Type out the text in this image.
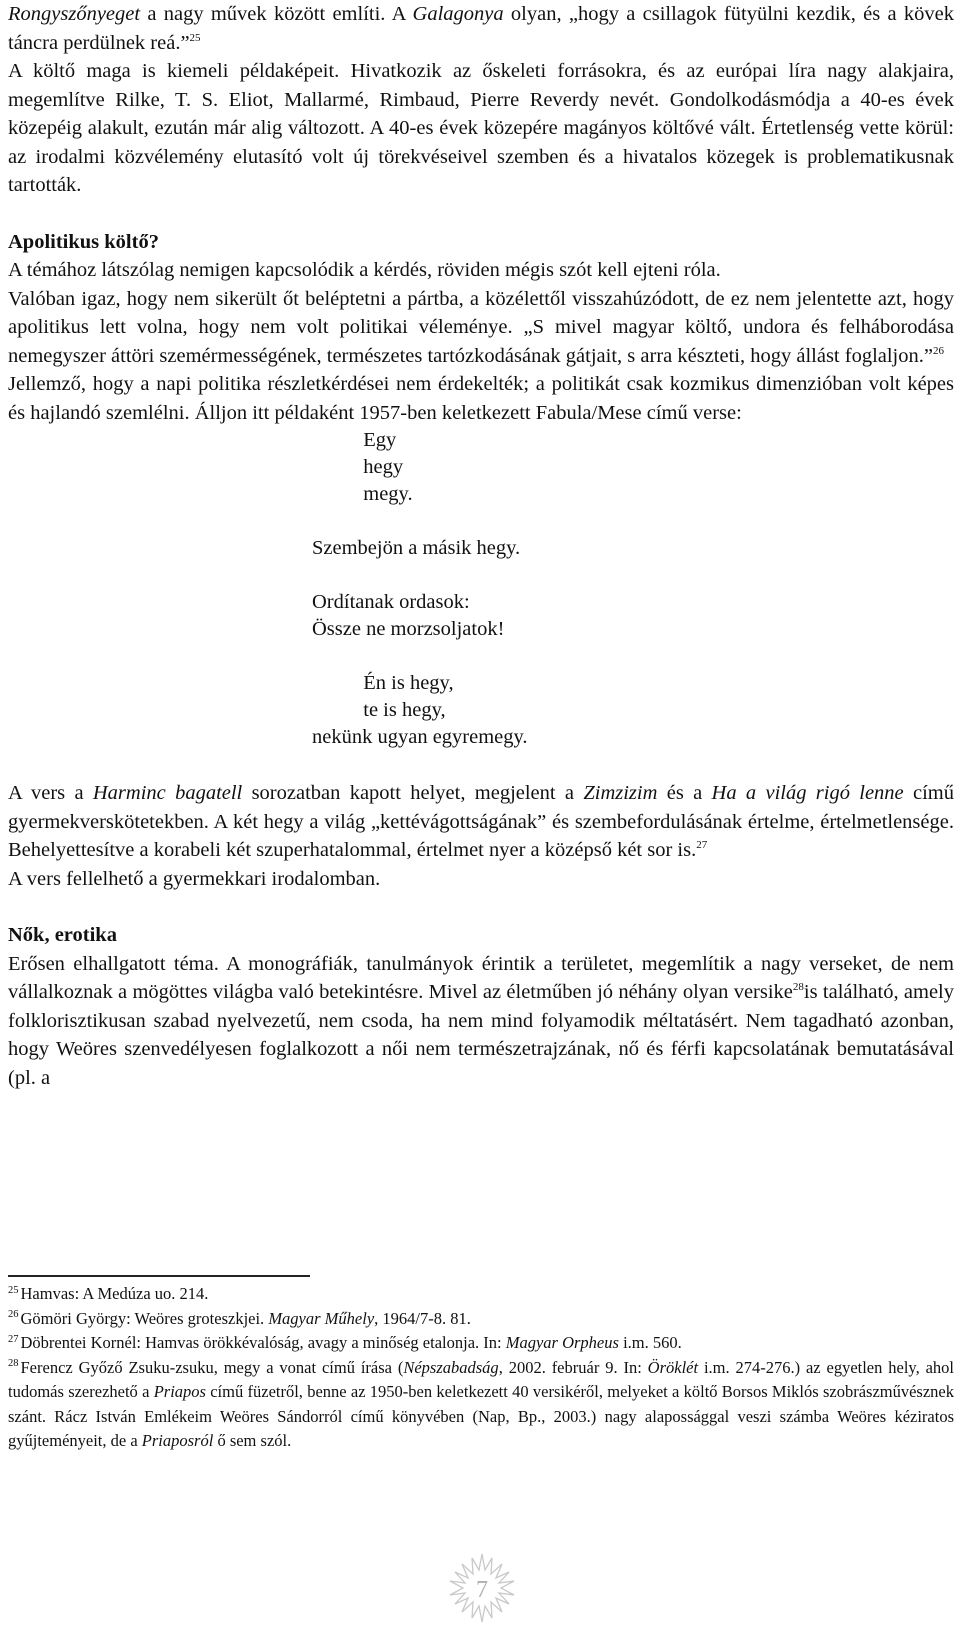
Rongyszőnyeget a nagy művek között említi. A Galagonya olyan, „hogy a csillagok fütyülni kezdik, és a kövek táncra perdülnek reá.”$^{25}$

A költő maga is kiemeli példaképeit. Hivatkozik az őskeleti forrásokra, és az európai líra nagy alakjaira, megemlítve Rilke, T. S. Eliot, Mallarmé, Rimbaud, Pierre Reverdy nevét. Gondolkodásmódja a 40-es évek közepéig alakult, ezután már alig változott. A 40-es évek közepére magányos költővé vált. Értetlenség vette körül: az irodalmi közvélemény elutasító volt új törekvéseivel szemben és a hivatalos közegek is problematikusnak tartották.

Apolitikus költő?

A témához látszólag nemigen kapcsolódik a kérdés, röviden mégis szót kell ejteni róla.

Valóban igaz, hogy nem sikerült őt beléptetni a pártba, a közélettől visszahúzódott, de ez nem jelentette azt, hogy apolitikus lett volna, hogy nem volt politikai véleménye. „S mivel magyar költő, undora és felháborodása nemegyszer áttöri szemérmességének, természetes tartózkodásának gátjait, s arra készteti, hogy állást foglaljon.”$^{26}$

Jellemző, hogy a napi politika részletkérdései nem érdekelték; a politikát csak kozmikus dimenzióban volt képes és hajlandó szemlélni. Álljon itt példaként 1957-ben keletkezett Fabula/Mese című verse:

Egy
hegy
megy.
Szembejön a másik hegy.
Ordítanak ordasok:
Össze ne morzsoljatok!
Én is hegy,
te is hegy,
nekünk ugyan egyremegy.

A vers a Harminc bagatell sorozatban kapott helyet, megjelent a Zimzizim és a Ha a világ rigó lenne című gyermekverskötetekben. A két hegy a világ „kettévágottságának” és szembefordulásának értelme, értelmetlensége. Behelyettesítve a korabeli két szuperhatalommal, értelmet nyer a középső két sor is.$^{27}$

A vers fellelhető a gyermekkari irodalomban.

Nők, erotika

Erősen elhallgatott téma. A monográfiák, tanulmányok érintik a területet, megemlítik a nagy verseket, de nem vállalkoznak a mögöttes világba való betekintésre. Mivel az életműben jó néhány olyan versike$^{28}$is található, amely folklorisztikusan szabad nyelvezetű, nem csoda, ha nem mind folyamodik méltatásért. Nem tagadható azonban, hogy Weöres szenvedélyesen foglalkozott a női nem természetrajzának, nő és férfi kapcsolatának bemutatásával (pl. a

$^{25}$ Hamvas: A Medúza uo. 214.
$^{26}$ Gömöri György: Weöres groteszkjei. Magyar Műhely, 1964/7-8. 81.
$^{27}$ Döbrentei Kornél: Hamvas örökkévalóság, avagy a minőség etalonja. In: Magyar Orpheus i.m. 560.
$^{28}$ Ferencz Győző Zsuku-zsuku, megy a vonat című írása (Népszabadság, 2002. február 9. In: Öröklét i.m. 274-276.) az egyetlen hely, ahol tudomás szerezhető a Priapos című füzetről, benne az 1950-ben keletkezett 40 versikéről, melyeket a költő Borsos Miklós szobrászművésznek szánt. Rácz István Emlékeim Weöres Sándorról című könyvében (Nap, Bp., 2003.) nagy alapossággal veszi számba Weöres kéziratos gyűjteményeit, de a Priaposról ő sem szól.
7
